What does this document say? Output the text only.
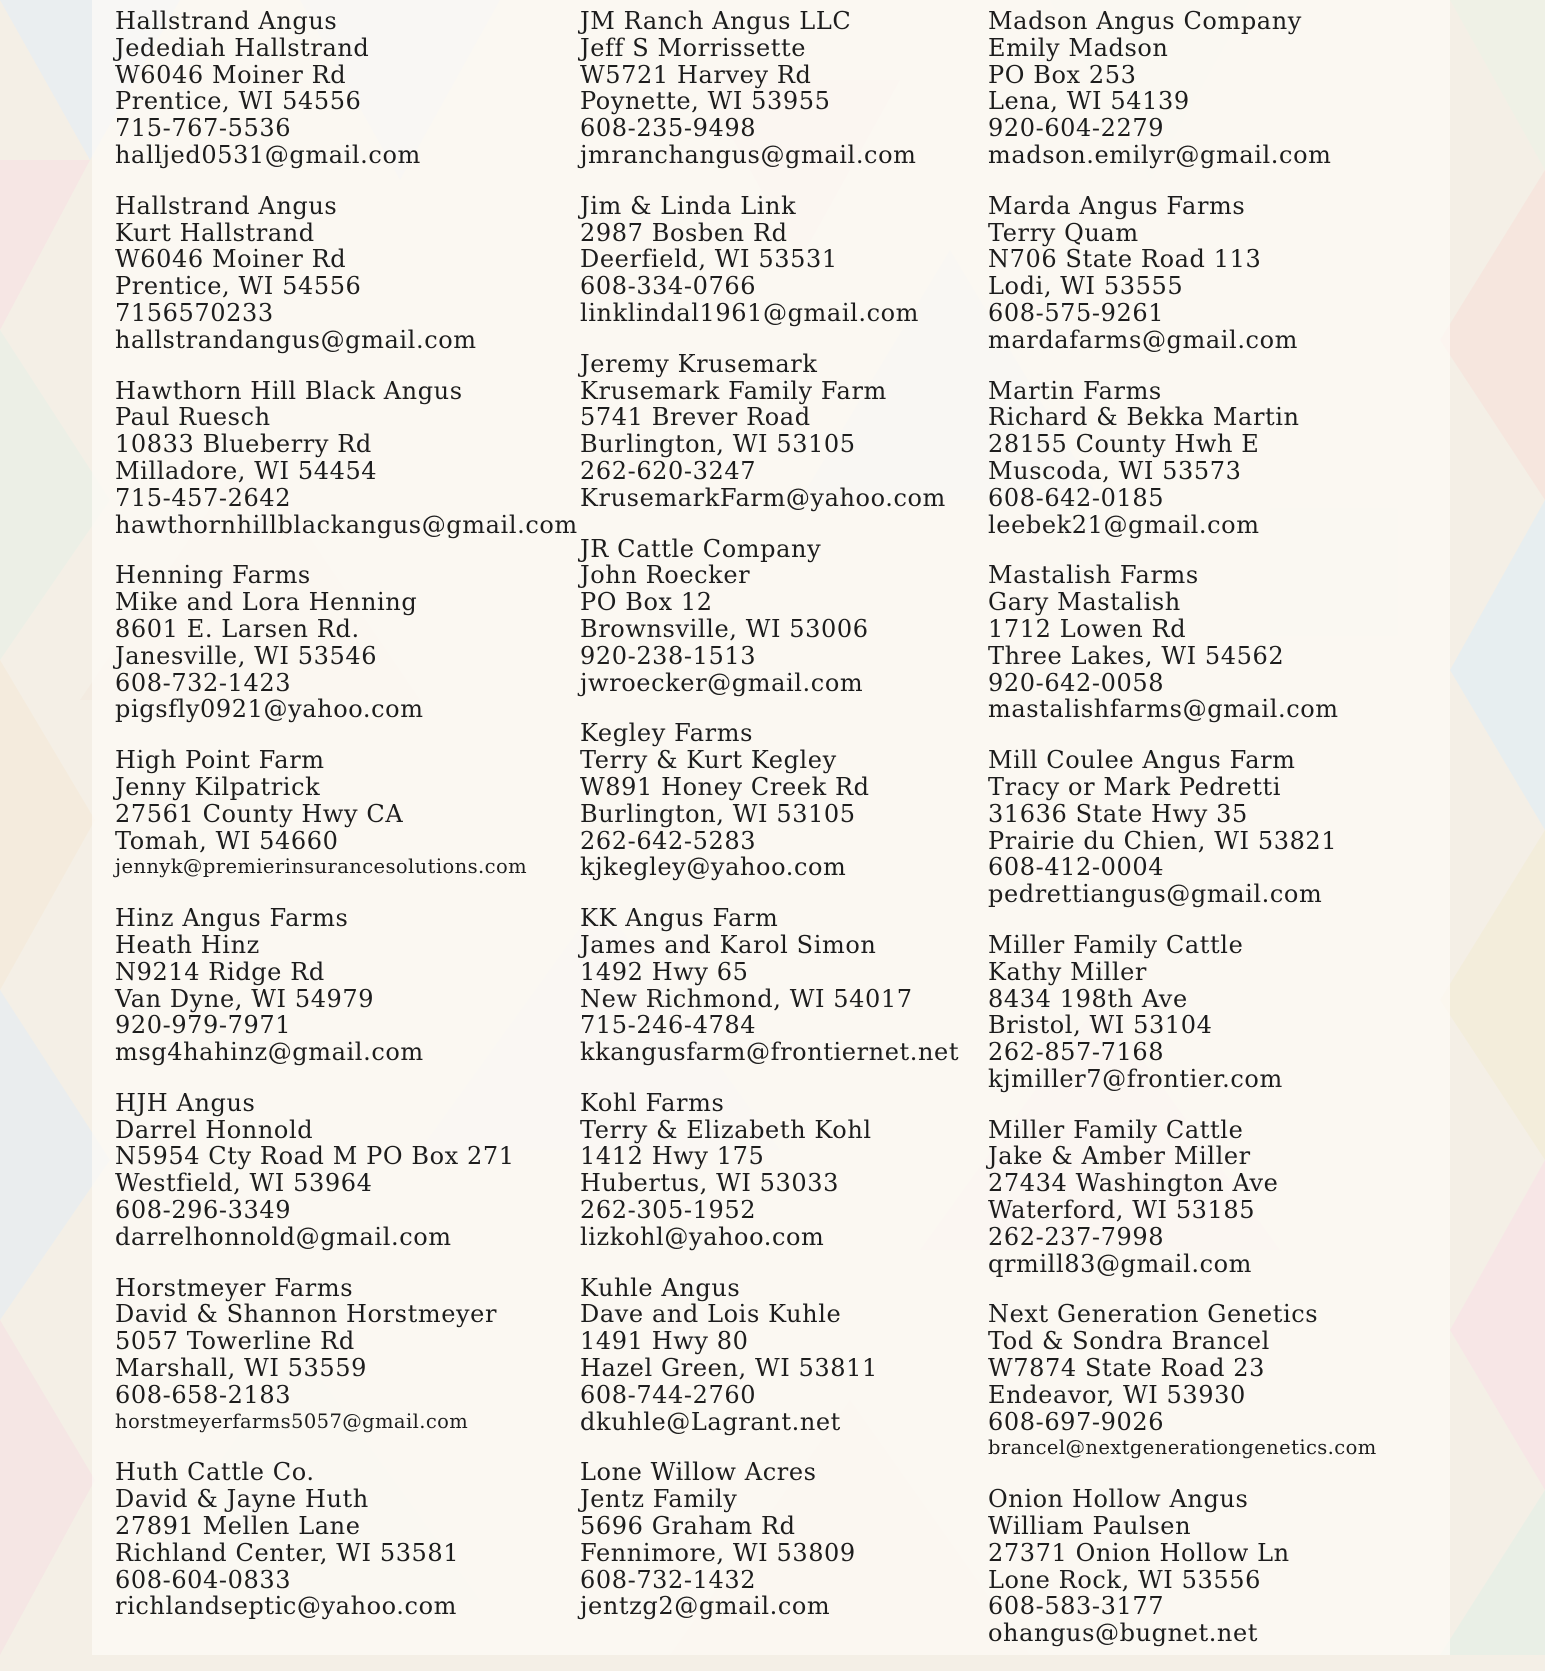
Hallstrand Angus
Jedediah Hallstrand
W6046 Moiner Rd
Prentice, WI 54556
715-767-5536
halljed0531@gmail.com
Hallstrand Angus
Kurt Hallstrand
W6046 Moiner Rd
Prentice, WI 54556
7156570233
hallstrandangus@gmail.com
Hawthorn Hill Black Angus
Paul Ruesch
10833 Blueberry Rd
Milladore, WI 54454
715-457-2642
hawthornhillblackangus@gmail.com
Henning Farms
Mike and Lora Henning
8601 E. Larsen Rd.
Janesville, WI 53546
608-732-1423
pigsfly0921@yahoo.com
High Point Farm
Jenny Kilpatrick
27561 County Hwy CA
Tomah, WI 54660
jennyk@premierinsurancesolutions.com
Hinz Angus Farms
Heath Hinz
N9214 Ridge Rd
Van Dyne, WI 54979
920-979-7971
msg4hahinz@gmail.com
HJH Angus
Darrel Honnold
N5954 Cty Road M PO Box 271
Westfield, WI 53964
608-296-3349
darrelhonnold@gmail.com
Horstmeyer Farms
David & Shannon Horstmeyer
5057 Towerline Rd
Marshall, WI 53559
608-658-2183
horstmeyerfarms5057@gmail.com
Huth Cattle Co.
David & Jayne Huth
27891 Mellen Lane
Richland Center, WI 53581
608-604-0833
richlandseptic@yahoo.com
JM Ranch Angus LLC
Jeff S Morrissette
W5721 Harvey Rd
Poynette, WI 53955
608-235-9498
jmranchangus@gmail.com
Jim & Linda Link
2987 Bosben Rd
Deerfield, WI 53531
608-334-0766
linklindal1961@gmail.com
Jeremy Krusemark
Krusemark Family Farm
5741 Brever Road
Burlington, WI 53105
262-620-3247
KrusemarkFarm@yahoo.com
JR Cattle Company
John Roecker
PO Box 12
Brownsville, WI 53006
920-238-1513
jwroecker@gmail.com
Kegley Farms
Terry & Kurt Kegley
W891 Honey Creek Rd
Burlington, WI 53105
262-642-5283
kjkegley@yahoo.com
KK Angus Farm
James and Karol Simon
1492 Hwy 65
New Richmond, WI 54017
715-246-4784
kkangusfarm@frontiernet.net
Kohl Farms
Terry & Elizabeth Kohl
1412 Hwy 175
Hubertus, WI 53033
262-305-1952
lizkohl@yahoo.com
Kuhle Angus
Dave and Lois Kuhle
1491 Hwy 80
Hazel Green, WI 53811
608-744-2760
dkuhle@Lagrant.net
Lone Willow Acres
Jentz Family
5696 Graham Rd
Fennimore, WI 53809
608-732-1432
jentzg2@gmail.com
Madson Angus Company
Emily Madson
PO Box 253
Lena, WI 54139
920-604-2279
madson.emilyr@gmail.com
Marda Angus Farms
Terry Quam
N706 State Road 113
Lodi, WI 53555
608-575-9261
mardafarms@gmail.com
Martin Farms
Richard & Bekka Martin
28155 County Hwh E
Muscoda, WI 53573
608-642-0185
leebek21@gmail.com
Mastalish Farms
Gary Mastalish
1712 Lowen Rd
Three Lakes, WI 54562
920-642-0058
mastalishfarms@gmail.com
Mill Coulee Angus Farm
Tracy or Mark Pedretti
31636 State Hwy 35
Prairie du Chien, WI 53821
608-412-0004
pedrettiangus@gmail.com
Miller Family Cattle
Kathy Miller
8434 198th Ave
Bristol, WI 53104
262-857-7168
kjmiller7@frontier.com
Miller Family Cattle
Jake & Amber Miller
27434 Washington Ave
Waterford, WI 53185
262-237-7998
qrmill83@gmail.com
Next Generation Genetics
Tod & Sondra Brancel
W7874 State Road 23
Endeavor, WI 53930
608-697-9026
brancel@nextgenerationgenetics.com
Onion Hollow Angus
William Paulsen
27371 Onion Hollow Ln
Lone Rock, WI 53556
608-583-3177
ohangus@bugnet.net
